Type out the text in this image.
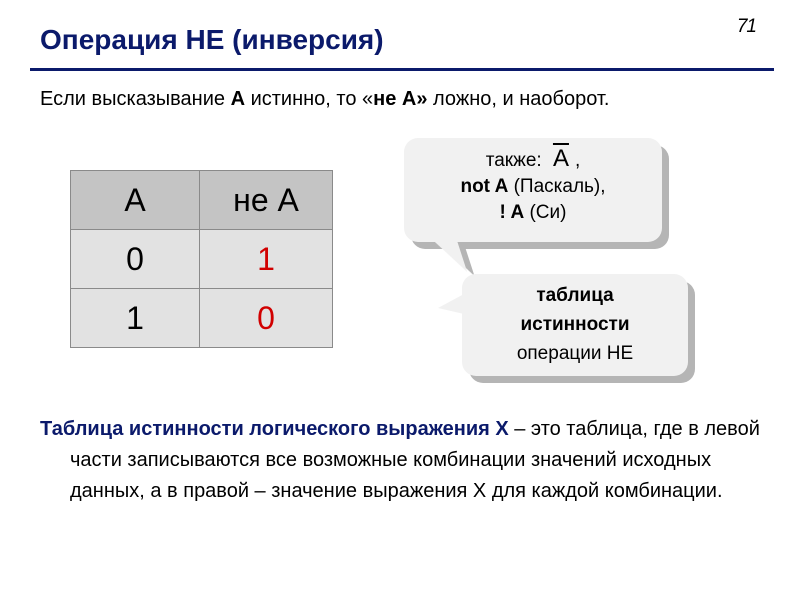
71
Операция НЕ (инверсия)
Если высказывание A истинно, то «не А» ложно, и наоборот.
A	не A
0	1
1	0
также: $\overline{A}$ ,
not A (Паскаль),
! A (Си)
таблица
истинности
операции НЕ
Таблица истинности логического выражения X – это таблица, где в левой части записываются все возможные комбинации значений исходных данных, а в правой – значение выражения X для каждой комбинации.
